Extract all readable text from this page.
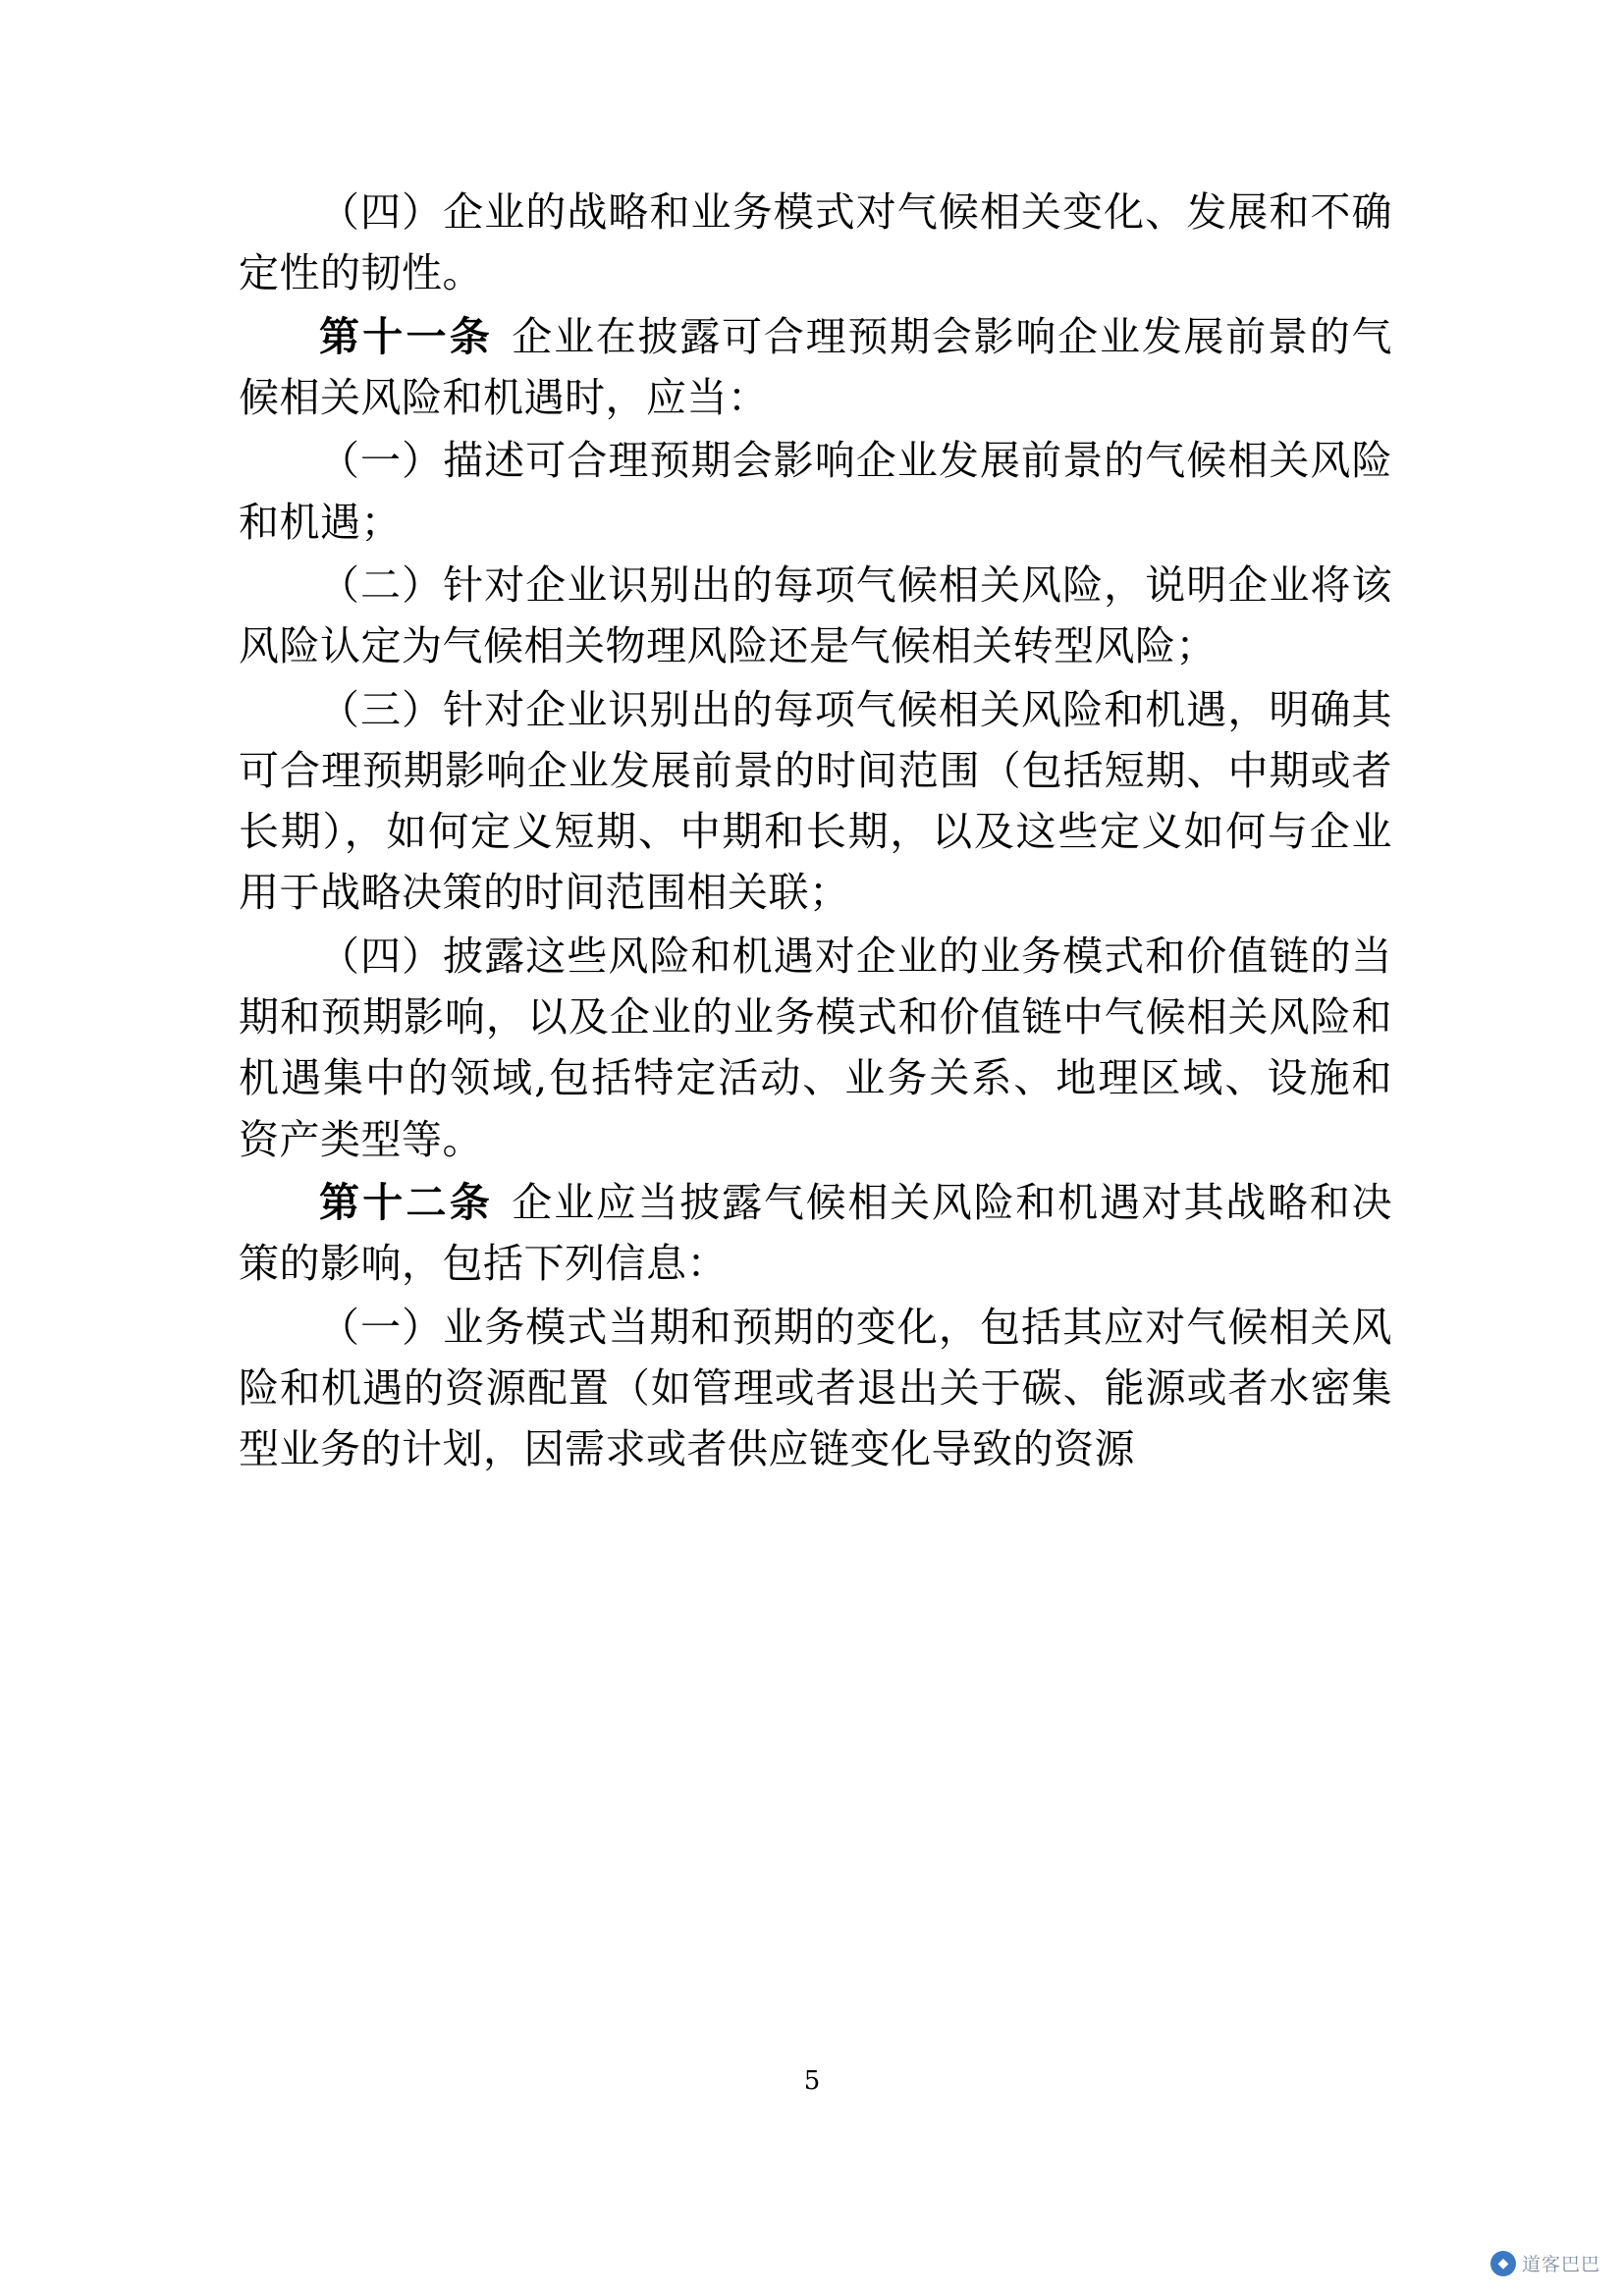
（四）企业的战略和业务模式对气候相关变化、发展和不确定性的韧性。

第十一条 企业在披露可合理预期会影响企业发展前景的气候相关风险和机遇时，应当：

（一）描述可合理预期会影响企业发展前景的气候相关风险和机遇；

（二）针对企业识别出的每项气候相关风险，说明企业将该风险认定为气候相关物理风险还是气候相关转型风险；

（三）针对企业识别出的每项气候相关风险和机遇，明确其可合理预期影响企业发展前景的时间范围（包括短期、中期或者长期），如何定义短期、中期和长期，以及这些定义如何与企业用于战略决策的时间范围相关联；

（四）披露这些风险和机遇对企业的业务模式和价值链的当期和预期影响，以及企业的业务模式和价值链中气候相关风险和机遇集中的领域,包括特定活动、业务关系、地理区域、设施和资产类型等。

第十二条 企业应当披露气候相关风险和机遇对其战略和决策的影响，包括下列信息：

（一）业务模式当期和预期的变化，包括其应对气候相关风险和机遇的资源配置（如管理或者退出关于碳、能源或者水密集型业务的计划，因需求或者供应链变化导致的资源

5
◆ 道客巴巴
